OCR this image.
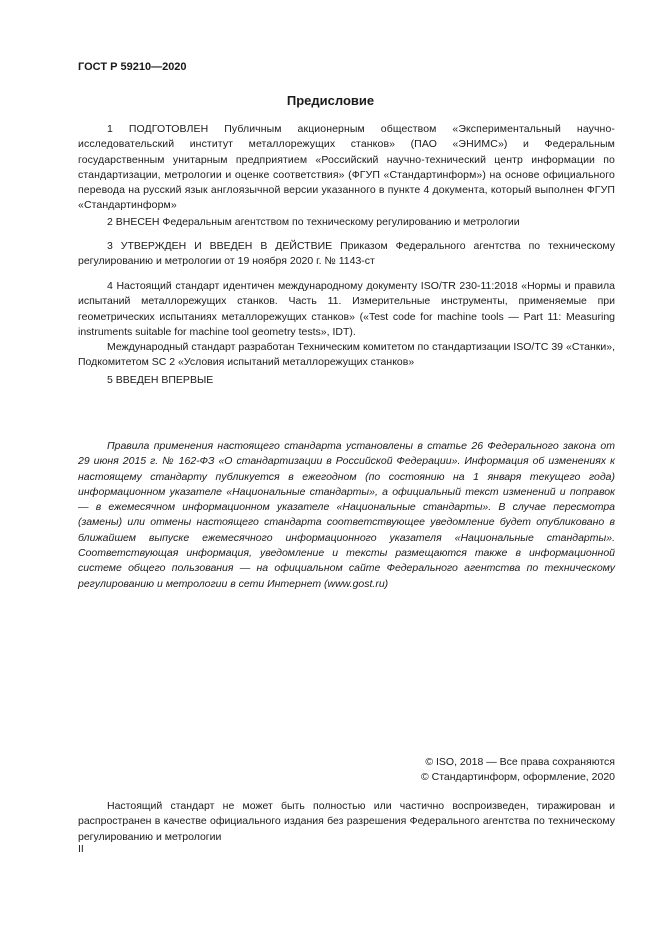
ГОСТ Р 59210—2020
Предисловие

1 ПОДГОТОВЛЕН Публичным акционерным обществом «Экспериментальный научно-исследовательский институт металлорежущих станков» (ПАО «ЭНИМС») и Федеральным государственным унитарным предприятием «Российский научно-технический центр информации по стандартизации, метрологии и оценке соответствия» (ФГУП «Стандартинформ») на основе официального перевода на русский язык англоязычной версии указанного в пункте 4 документа, который выполнен ФГУП «Стандартинформ»

2 ВНЕСЕН Федеральным агентством по техническому регулированию и метрологии

3 УТВЕРЖДЕН И ВВЕДЕН В ДЕЙСТВИЕ Приказом Федерального агентства по техническому регулированию и метрологии от 19 ноября 2020 г. № 1143-ст

4 Настоящий стандарт идентичен международному документу ISO/TR 230-11:2018 «Нормы и правила испытаний металлорежущих станков. Часть 11. Измерительные инструменты, применяемые при геометрических испытаниях металлорежущих станков» («Test code for machine tools — Part 11: Measuring instruments suitable for machine tool geometry tests», IDT).

Международный стандарт разработан Техническим комитетом по стандартизации ISO/TC 39 «Станки», Подкомитетом SC 2 «Условия испытаний металлорежущих станков»

5 ВВЕДЕН ВПЕРВЫЕ

Правила применения настоящего стандарта установлены в статье 26 Федерального закона от 29 июня 2015 г. № 162-ФЗ «О стандартизации в Российской Федерации». Информация об изменениях к настоящему стандарту публикуется в ежегодном (по состоянию на 1 января текущего года) информационном указателе «Национальные стандарты», а официальный текст изменений и поправок — в ежемесячном информационном указателе «Национальные стандарты». В случае пересмотра (замены) или отмены настоящего стандарта соответствующее уведомление будет опубликовано в ближайшем выпуске ежемесячного информационного указателя «Национальные стандарты». Соответствующая информация, уведомление и тексты размещаются также в информационной системе общего пользования — на официальном сайте Федерального агентства по техническому регулированию и метрологии в сети Интернет (www.gost.ru)

© ISO, 2018 — Все права сохраняются
© Стандартинформ, оформление, 2020

Настоящий стандарт не может быть полностью или частично воспроизведен, тиражирован и распространен в качестве официального издания без разрешения Федерального агентства по техническому регулированию и метрологии

II
